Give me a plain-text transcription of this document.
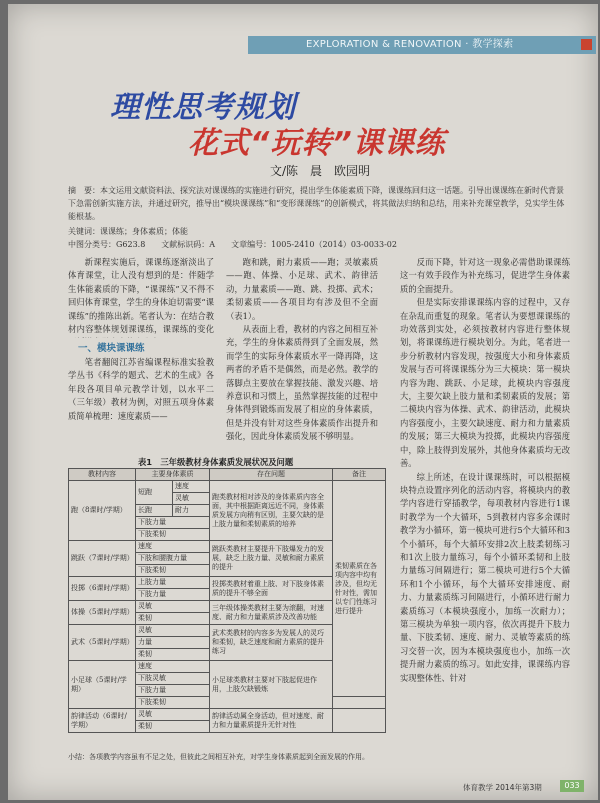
EXPLORATION & RENOVATION · 教学探索
理性思考规划
花式“玩转”课课练
文/陈　晨　欧园明
摘　要：本文运用文献资料法、探究法对课课练的实施进行研究，提出学生体能素质下降，课课练回归这一话题。引导出课课练在新时代背景下急需创新实施方法，并通过研究，推导出“模块课课练”和“变形课课练”的创新模式，将其做法归纳和总结，用来补充课堂教学，兑实学生体能根基。
关键词：课课练；身体素质；体能
中图分类号：G623.8　　文献标识码：A　　文章编号：1005-2410（2014）03-0033-02

新课程实施后，课课练逐渐淡出了体育课堂，让人没有想到的是：伴随学生体能素质的下降，“课课练”又不得不回归体育课堂，学生的身体迫切需要“课课练”的推陈出新。笔者认为：在结合教材内容整体规划课课练，课课练的变化

一、模块课课练

笔者翻阅江苏省编课程标准实验教学丛书《科学的题式、艺术的生成》各年段各项目单元教学计划，以水平二（三年级）教材为例，对照五项身体素质简单梳理：速度素质——

跑和跳，耐力素质——跑；灵敏素质——跑、体操、小足球、武术、韵律活动，力量素质——跑、跳、投掷、武术；柔韧素质——各项目均有涉及但不全面（表1）。

从表面上看，教材的内容之间相互补充，学生的身体素质得到了全面发展，然而学生的实际身体素质水平一降再降，这两者的矛盾不是偶然，而是必然。教学的落脚点主要放在掌握技能、激发兴趣、培养意识和习惯上，虽然掌握技能的过程中身体得到锻炼而发展了相应的身体素质，但是并没有针对这些身体素质作出提升和强化，因此身体素质发展不够明显。

反而下降，针对这一现象必需借助课课练这一有效手段作为补充练习，促进学生身体素质的全面提升。

但是实际安排课课练内容的过程中，又存在杂乱而重复的现象。笔者认为要想课课练的功效落到实处，必须按教材内容进行整体规划，将课课练进行模块划分。为此，笔者进一步分析教材内容发现，按强度大小和身体素质发展与否可将课课练分为三大模块：第一模块内容为跑、跳跃、小足球，此模块内容强度大，主要欠缺上肢力量和柔韧素质的发展；第二模块内容为体操、武术、韵律活动，此模块内容强度小，主要欠缺速度、耐力和力量素质的发展；第三大模块为投掷，此模块内容强度中，除上肢得到发展外，其他身体素质均无改善。

综上所述，在设计课课练时，可以根据模块特点设置序列化的活动内容，将模块内的教学内容进行穿插教学，每项教材内容进行1课时教学为一个大循环，5到教材内容多余课时教学为小循环，第一模块可进行5个大循环和3个小循环，每个大循环安排2次上肢柔韧练习和1次上肢力量练习，每个小循环柔韧和上肢力量练习间隔进行；第二模块可进行5个大循环和1个小循环，每个大循环安排速度、耐力、力量素质练习间隔进行，小循环进行耐力素质练习（本模块强度小，加练一次耐力）；第三模块为单独一项内容，依次再提升下肢力量、下肢柔韧、速度、耐力、灵敏等素质的练习交替一次，因为本模块强度也小，加练一次提升耐力素质的练习。如此安排，课课练内容实现整体性、针对

表1　三年级教材身体素质发展状况及问题
教材内容	主要身体素质		存在问题	备注
跑（8课时/学期）	短跑	速度	跑类教材相对涉及的身体素质内容全面，其中根据距离远近不同，身体素质发展方向稍有区别，主要欠缺的是上肢力量和柔韧素质的培养	柔韧素质在各项内容中均有涉及，但均无针对性，需加以专门性练习进行提升
		灵敏		
	长跑	耐力		
	下肢力量			
	下肢柔韧			
跳跃（7课时/学期）	速度		跳跃类教材主要提升下肢爆发力的发展，缺乏上肢力量、灵敏和耐力素质的提升	
	下肢和腰腹力量			
	下肢柔韧			
投掷（6课时/学期）	上肢力量		投掷类教材着重上肢、对下肢身体素质的提升不够全面	
	下肢力量			
体操（5课时/学期）	灵敏		三年级体操类教材主要为滚翻，对速度、耐力和力量素质涉及改善功能	
	柔韧			
武术（5课时/学期）	灵敏		武术类教材的内容多为发展人的灵巧和柔韧，缺乏速度和耐力素质的提升练习	
	力量			
	柔韧			
小足球（5课时/学期）	速度		小足球类教材主要对下肢起促进作用，上肢欠缺锻炼	
	下肢灵敏			
	下肢力量			
	下肢柔韧			
韵律活动（6课时/学期）	灵敏		韵律活动属全身活动，但对速度、耐力和力量素质提升无针对性	
	柔韧			
小结：各项教学内容虽有不足之处，但彼此之间相互补充，对学生身体素质起到全面发展的作用。
体育教学 2014年第3期	033
